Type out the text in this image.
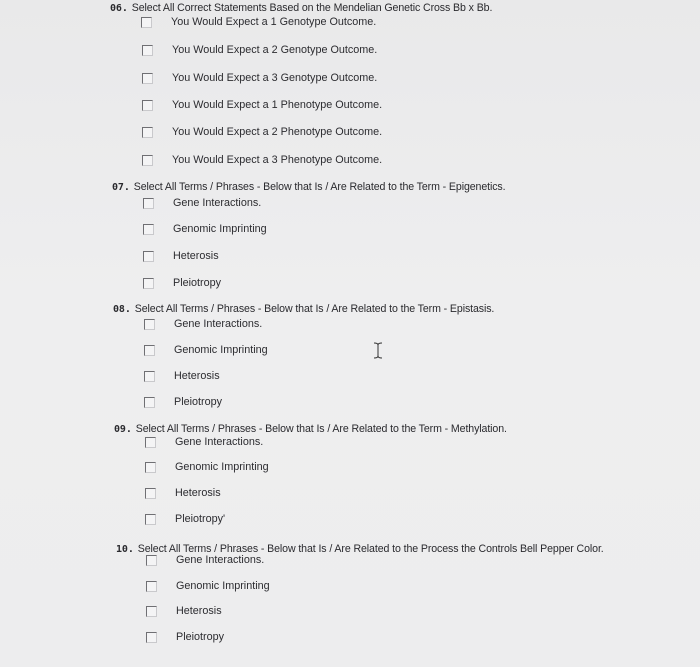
06. Select All Correct Statements Based on the Mendelian Genetic Cross Bb x Bb.
You Would Expect a 1 Genotype Outcome.
You Would Expect a 2 Genotype Outcome.
You Would Expect a 3 Genotype Outcome.
You Would Expect a 1 Phenotype Outcome.
You Would Expect a 2 Phenotype Outcome.
You Would Expect a 3 Phenotype Outcome.
07. Select All Terms / Phrases - Below that Is / Are Related to the Term - Epigenetics.
Gene Interactions.
Genomic Imprinting
Heterosis
Pleiotropy
08. Select All Terms / Phrases - Below that Is / Are Related to the Term - Epistasis.
Gene Interactions.
Genomic Imprinting
Heterosis
Pleiotropy
09. Select All Terms / Phrases - Below that Is / Are Related to the Term - Methylation.
Gene Interactions.
Genomic Imprinting
Heterosis
Pleiotropy'
10. Select All Terms / Phrases - Below that Is / Are Related to the Process the Controls Bell Pepper Color.
Gene Interactions.
Genomic Imprinting
Heterosis
Pleiotropy
